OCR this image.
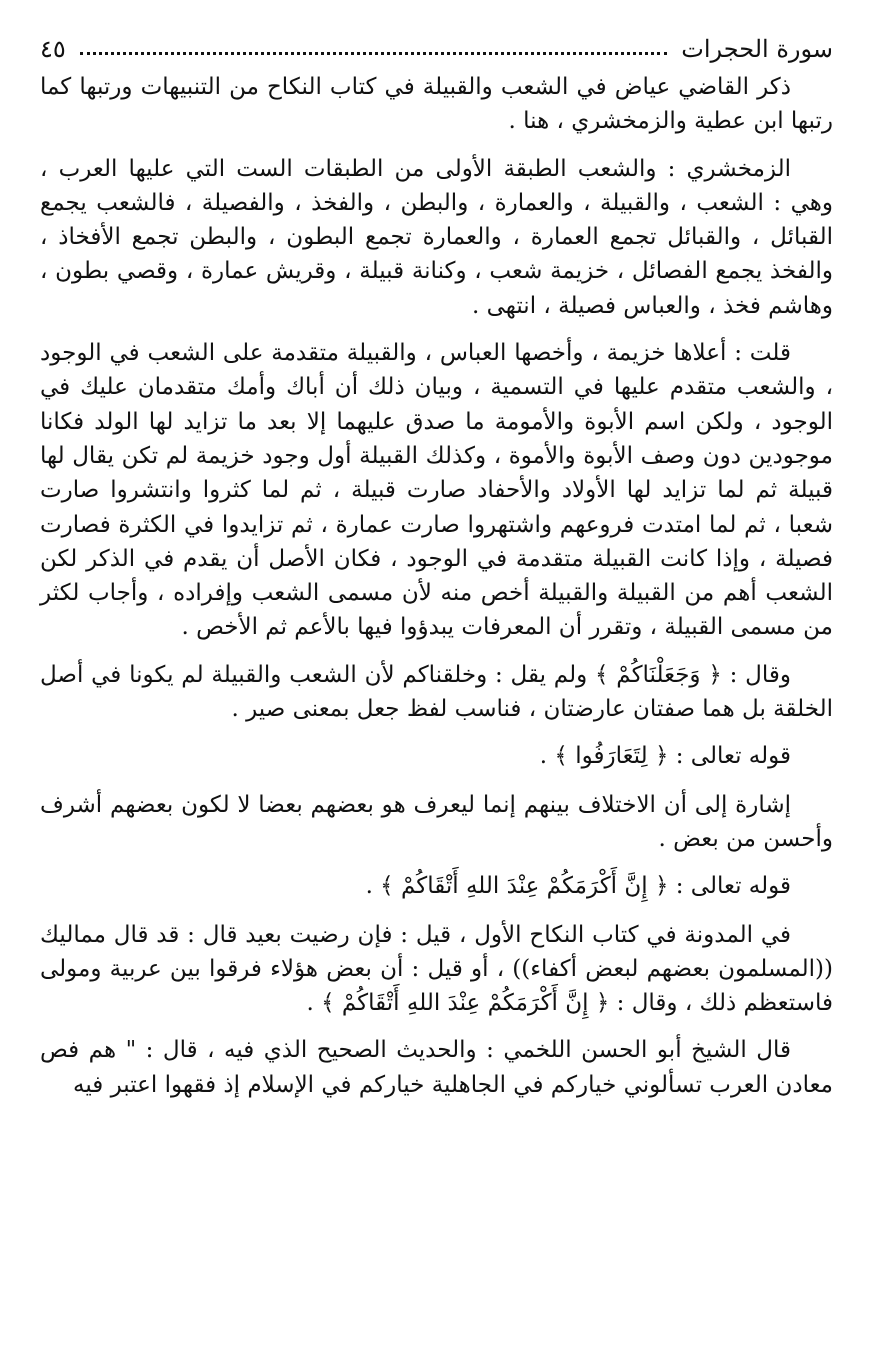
سورة الحجرات
٤٥

ذكر القاضي عياض في الشعب والقبيلة في كتاب النكاح من التنبيهات ورتبها كما رتبها ابن عطية والزمخشري ، هنا .

الزمخشري : والشعب الطبقة الأولى من الطبقات الست التي عليها العرب ، وهي : الشعب ، والقبيلة ، والعمارة ، والبطن ، والفخذ ، والفصيلة ، فالشعب يجمع القبائل ، والقبائل تجمع العمارة ، والعمارة تجمع البطون ، والبطن تجمع الأفخاذ ، والفخذ يجمع الفصائل ، خزيمة شعب ، وكنانة قبيلة ، وقريش عمارة ، وقصي بطون ، وهاشم فخذ ، والعباس فصيلة ، انتهى .

قلت : أعلاها خزيمة ، وأخصها العباس ، والقبيلة متقدمة على الشعب في الوجود ، والشعب متقدم عليها في التسمية ، وبيان ذلك أن أباك وأمك متقدمان عليك في الوجود ، ولكن اسم الأبوة والأمومة ما صدق عليهما إلا بعد ما تزايد لها الولد فكانا موجودين دون وصف الأبوة والأموة ، وكذلك القبيلة أول وجود خزيمة لم تكن يقال لها قبيلة ثم لما تزايد لها الأولاد والأحفاد صارت قبيلة ، ثم لما كثروا وانتشروا صارت شعبا ، ثم لما امتدت فروعهم واشتهروا صارت عمارة ، ثم تزايدوا في الكثرة فصارت فصيلة ، وإذا كانت القبيلة متقدمة في الوجود ، فكان الأصل أن يقدم في الذكر لكن الشعب أهم من القبيلة والقبيلة أخص منه لأن مسمى الشعب وإفراده ، وأجاب لكثر من مسمى القبيلة ، وتقرر أن المعرفات يبدؤوا فيها بالأعم ثم الأخص .

وقال : ﴿ وَجَعَلْنَاكُمْ ﴾ ولم يقل : وخلقناكم لأن الشعب والقبيلة لم يكونا في أصل الخلقة بل هما صفتان عارضتان ، فناسب لفظ جعل بمعنى صير .

قوله تعالى : ﴿ لِتَعَارَفُوا ﴾ .

إشارة إلى أن الاختلاف بينهم إنما ليعرف هو بعضهم بعضا لا لكون بعضهم أشرف وأحسن من بعض .

قوله تعالى : ﴿ إِنَّ أَكْرَمَكُمْ عِنْدَ اللهِ أَتْقَاكُمْ ﴾ .

في المدونة في كتاب النكاح الأول ، قيل : فإن رضيت بعيد قال : قد قال مماليك ((المسلمون بعضهم لبعض أكفاء)) ، أو قيل : أن بعض هؤلاء فرقوا بين عربية ومولى فاستعظم ذلك ، وقال : ﴿ إِنَّ أَكْرَمَكُمْ عِنْدَ اللهِ أَتْقَاكُمْ ﴾ .

قال الشيخ أبو الحسن اللخمي : والحديث الصحيح الذي فيه ، قال : " هم فص معادن العرب تسألوني خياركم في الجاهلية خياركم في الإسلام إذ فقهوا اعتبر فيه
